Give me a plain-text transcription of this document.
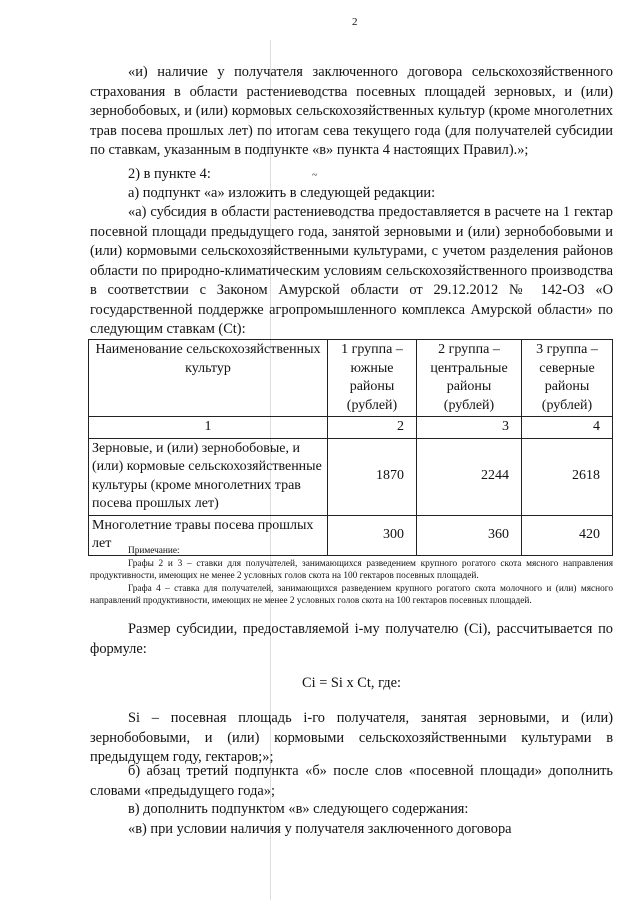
~
2
«и) наличие у получателя заключенного договора сельскохозяйственного страхования в области растениеводства посевных площадей зерновых, и (или) зернобобовых, и (или) кормовых сельскохозяйственных культур (кроме многолетних трав посева прошлых лет) по итогам сева текущего года (для получателей субсидии по ставкам, указанным в подпункте «в» пункта 4 настоящих Правил).»;
2) в пункте 4:
а) подпункт «а» изложить в следующей редакции:
«а) субсидия в области растениеводства предоставляется в расчете на 1 гектар посевной площади предыдущего года, занятой зерновыми и (или) зернобобовыми и (или) кормовыми сельскохозяйственными культурами, с учетом разделения районов области по природно-климатическим условиям сельскохозяйственного производства в соответствии с Законом Амурской области от 29.12.2012 № 142-ОЗ «О государственной поддержке агропромышленного комплекса Амурской области» по следующим ставкам (Ct):
Наименование сельскохозяйственных культур	1 группа – южные районы (рублей)	2 группа – центральные районы (рублей)	3 группа – северные районы (рублей)
1	2	3	4
Зерновые, и (или) зернобобовые, и (или) кормовые сельскохозяйственные культуры (кроме многолетних трав посева прошлых лет)	1870	2244	2618
Многолетние травы посева прошлых лет	300	360	420
Примечание:
Графы 2 и 3 – ставки для получателей, занимающихся разведением крупного рогатого скота мясного направления продуктивности, имеющих не менее 2 условных голов скота на 100 гектаров посевных площадей.
Графа 4 – ставка для получателей, занимающихся разведением крупного рогатого скота молочного и (или) мясного направлений продуктивности, имеющих не менее 2 условных голов скота на 100 гектаров посевных площадей.
Размер субсидии, предоставляемой i-му получателю (Ci), рассчитывается по формуле:
Ci = Si x Ct, где:
Si – посевная площадь i-го получателя, занятая зерновыми, и (или) зернобобовыми, и (или) кормовыми сельскохозяйственными культурами в предыдущем году, гектаров;»;
б) абзац третий подпункта «б» после слов «посевной площади» дополнить словами «предыдущего года»;
в) дополнить подпунктом «в» следующего содержания:
«в) при условии наличия у получателя заключенного договора
